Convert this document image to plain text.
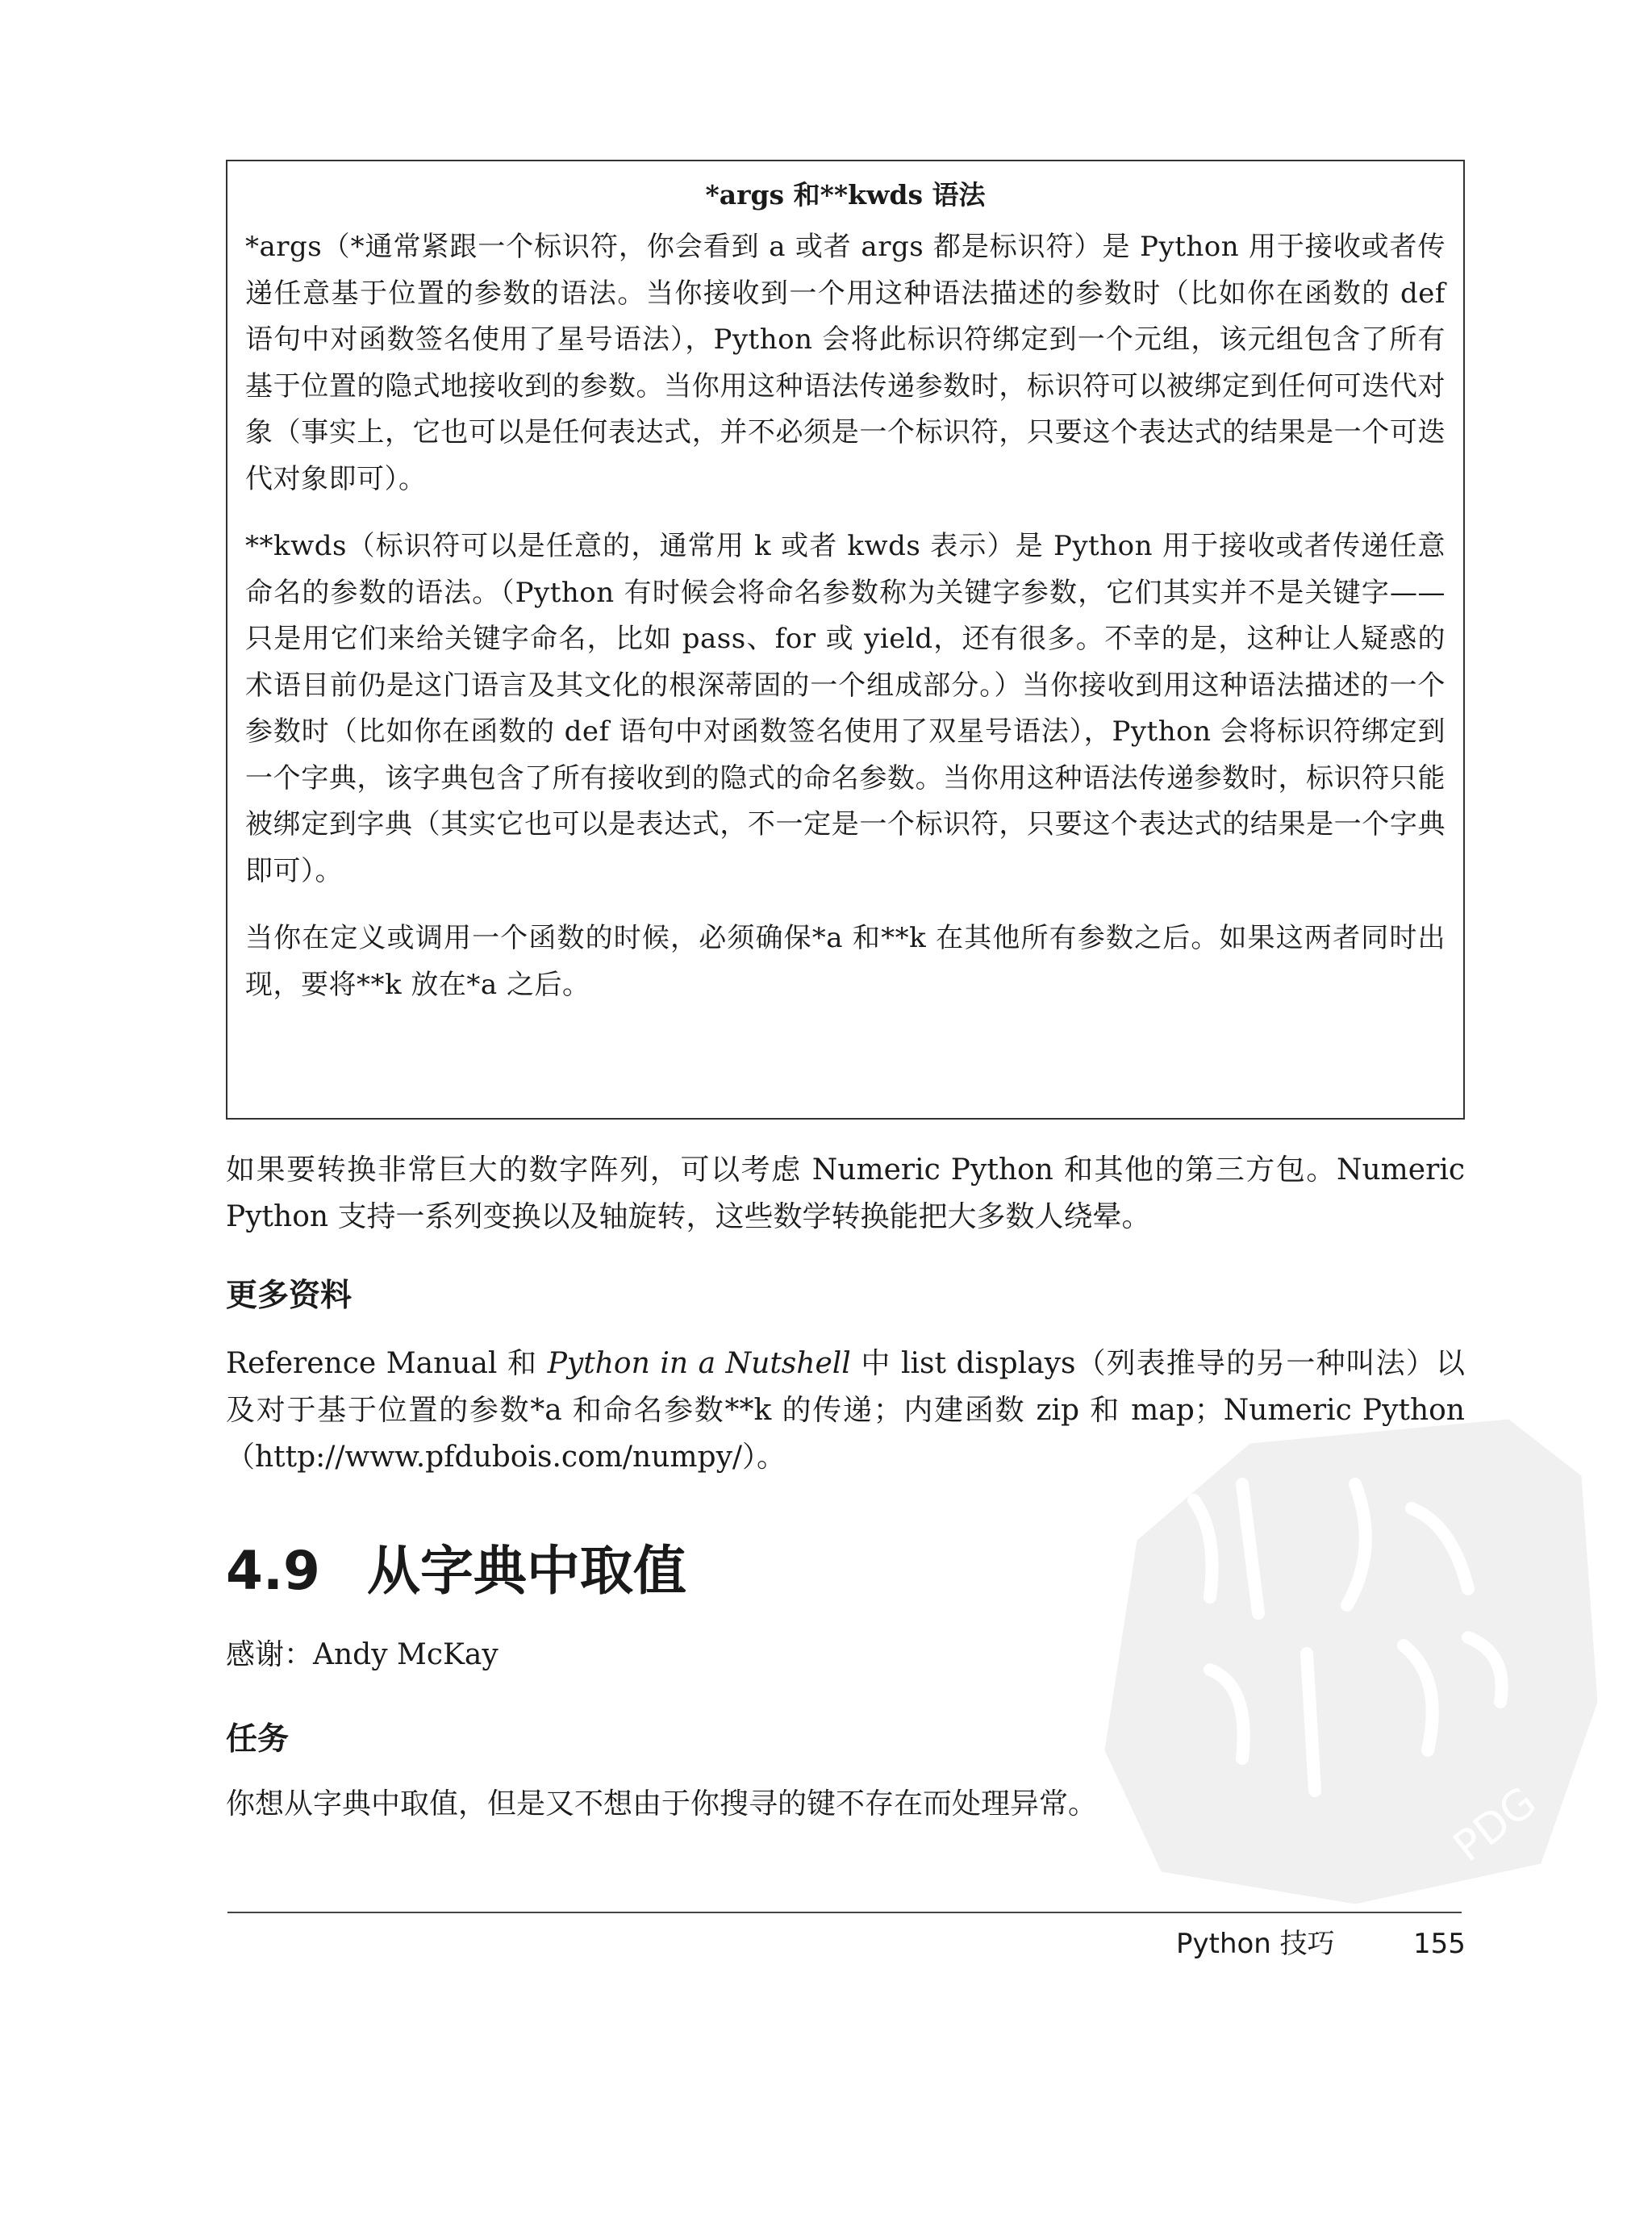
*args 和**kwds 语法

*args（*通常紧跟一个标识符，你会看到 a 或者 args 都是标识符）是 Python 用于接收或者传递任意基于位置的参数的语法。当你接收到一个用这种语法描述的参数时（比如你在函数的 def 语句中对函数签名使用了星号语法），Python 会将此标识符绑定到一个元组，该元组包含了所有基于位置的隐式地接收到的参数。当你用这种语法传递参数时，标识符可以被绑定到任何可迭代对象（事实上，它也可以是任何表达式，并不必须是一个标识符，只要这个表达式的结果是一个可迭代对象即可）。

**kwds（标识符可以是任意的，通常用 k 或者 kwds 表示）是 Python 用于接收或者传递任意命名的参数的语法。（Python 有时候会将命名参数称为关键字参数，它们其实并不是关键字——只是用它们来给关键字命名，比如 pass、for 或 yield，还有很多。不幸的是，这种让人疑惑的术语目前仍是这门语言及其文化的根深蒂固的一个组成部分。）当你接收到用这种语法描述的一个参数时（比如你在函数的 def 语句中对函数签名使用了双星号语法），Python 会将标识符绑定到一个字典，该字典包含了所有接收到的隐式的命名参数。当你用这种语法传递参数时，标识符只能被绑定到字典（其实它也可以是表达式，不一定是一个标识符，只要这个表达式的结果是一个字典即可）。

当你在定义或调用一个函数的时候，必须确保*a 和**k 在其他所有参数之后。如果这两者同时出现，要将**k 放在*a 之后。

如果要转换非常巨大的数字阵列，可以考虑 Numeric Python 和其他的第三方包。Numeric Python 支持一系列变换以及轴旋转，这些数学转换能把大多数人绕晕。

更多资料

Reference Manual 和 Python in a Nutshell 中 list displays（列表推导的另一种叫法）以及对于基于位置的参数*a 和命名参数**k 的传递；内建函数 zip 和 map；Numeric Python（http://www.pfdubois.com/numpy/）。

4.9 从字典中取值

感谢：Andy McKay

任务

你想从字典中取值，但是又不想由于你搜寻的键不存在而处理异常。

Python 技巧	155
PDG
